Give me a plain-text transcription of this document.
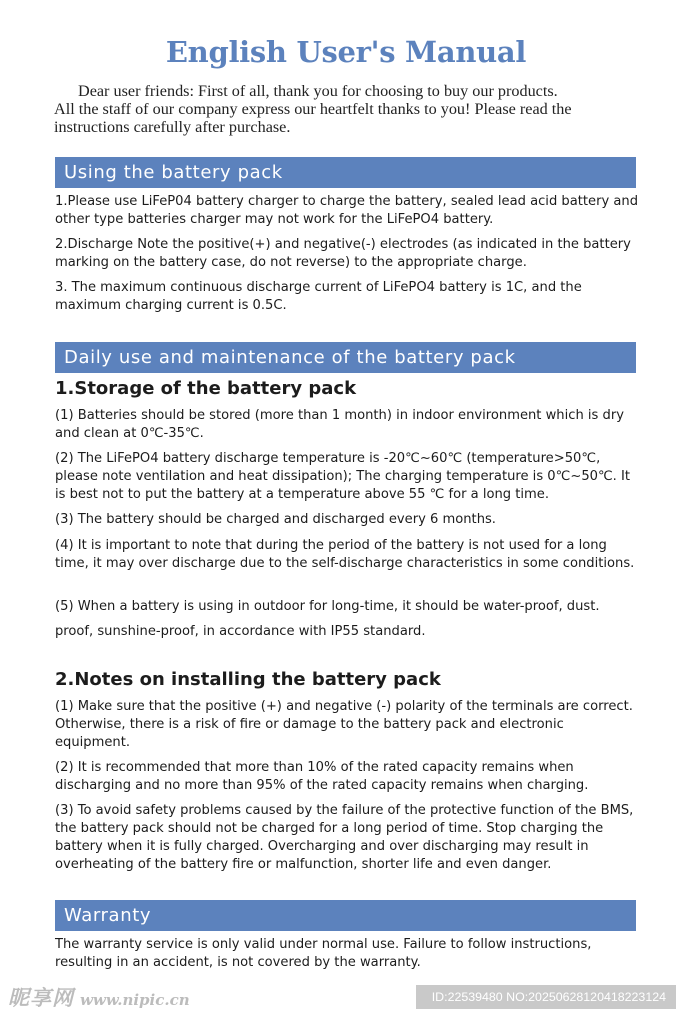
English User's Manual

Dear user friends: First of all, thank you for choosing to buy our products.

All the staff of our company express our heartfelt thanks to you! Please read the

instructions carefully after purchase.

Using the battery pack

1.Please use LiFeP04 battery charger to charge the battery, sealed lead acid battery and other type batteries charger may not work for the LiFePO4 battery.

2.Discharge Note the positive(+) and negative(-) electrodes (as indicated in the battery marking on the battery case, do not reverse) to the appropriate charge.

3. The maximum continuous discharge current of LiFePO4 battery is 1C, and the maximum charging current is 0.5C.

Daily use and maintenance of the battery pack
1.Storage of the battery pack

(1) Batteries should be stored (more than 1 month) in indoor environment which is dry and clean at 0℃-35℃.

(2) The LiFePO4 battery discharge temperature is -20℃~60℃ (temperature>50℃, please note ventilation and heat dissipation); The charging temperature is 0℃~50℃. It is best not to put the battery at a temperature above 55 ℃ for a long time.

(3) The battery should be charged and discharged every 6 months.

(4) It is important to note that during the period of the battery is not used for a long time, it may over discharge due to the self-discharge characteristics in some conditions.

(5) When a battery is using in outdoor for long-time, it should be water-proof, dust.

proof, sunshine-proof, in accordance with IP55 standard.

2.Notes on installing the battery pack

(1) Make sure that the positive (+) and negative (-) polarity of the terminals are correct. Otherwise, there is a risk of fire or damage to the battery pack and electronic equipment.

(2) It is recommended that more than 10% of the rated capacity remains when discharging and no more than 95% of the rated capacity remains when charging.

(3) To avoid safety problems caused by the failure of the protective function of the BMS, the battery pack should not be charged for a long period of time. Stop charging the battery when it is fully charged. Overcharging and over discharging may result in overheating of the battery fire or malfunction, shorter life and even danger.

Warranty

The warranty service is only valid under normal use. Failure to follow instructions, resulting in an accident, is not covered by the warranty.

昵享网 www.nipic.cn	ID:22539480 NO:20250628120418223124
